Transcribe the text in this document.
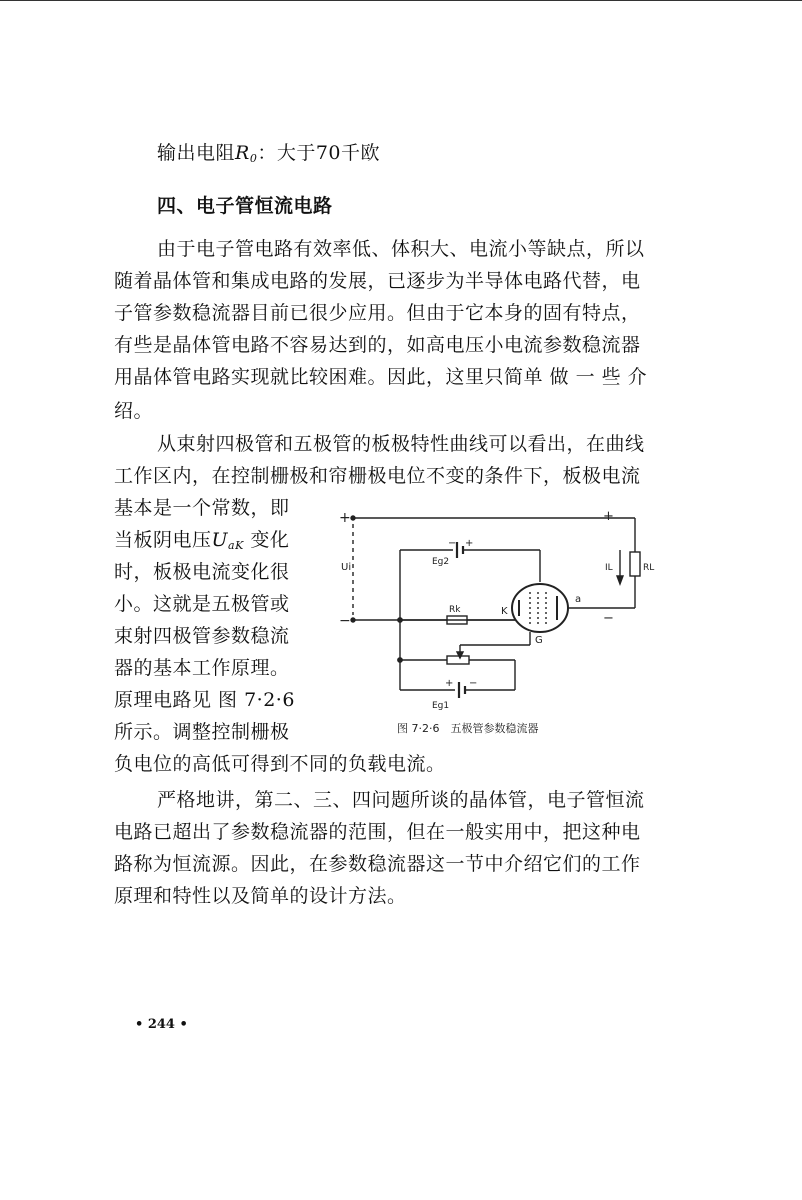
输出电阻$R_0$：大于70千欧
四、电子管恒流电路
由于电子管电路有效率低、体积大、电流小等缺点，所以
随着晶体管和集成电路的发展，已逐步为半导体电路代替，电
子管参数稳流器目前已很少应用。但由于它本身的固有特点，
有些是晶体管电路不容易达到的，如高电压小电流参数稳流器
用晶体管电路实现就比较困难。因此，这里只简单 做 一 些 介
绍。
从束射四极管和五极管的板极特性曲线可以看出，在曲线
工作区内，在控制栅极和帘栅极电位不变的条件下，板极电流
基本是一个常数，即
当板阴电压$U_{aK}$ 变化
时，板极电流变化很
小。这就是五极管或
束射四极管参数稳流
器的基本工作原理。
原理电路见 图 7·2·6
所示。调整控制栅极
负电位的高低可得到不同的负载电流。
严格地讲，第二、三、四问题所谈的晶体管，电子管恒流
电路已超出了参数稳流器的范围，但在一般实用中，把这种电
路称为恒流源。因此，在参数稳流器这一节中介绍它们的工作
原理和特性以及简单的设计方法。
+
−
Ui	Eg2
− +
Rk	K
a
G
IL	RL
+
−
Eg1
+ −
图 7·2·6　五极管参数稳流器
• 244 •
